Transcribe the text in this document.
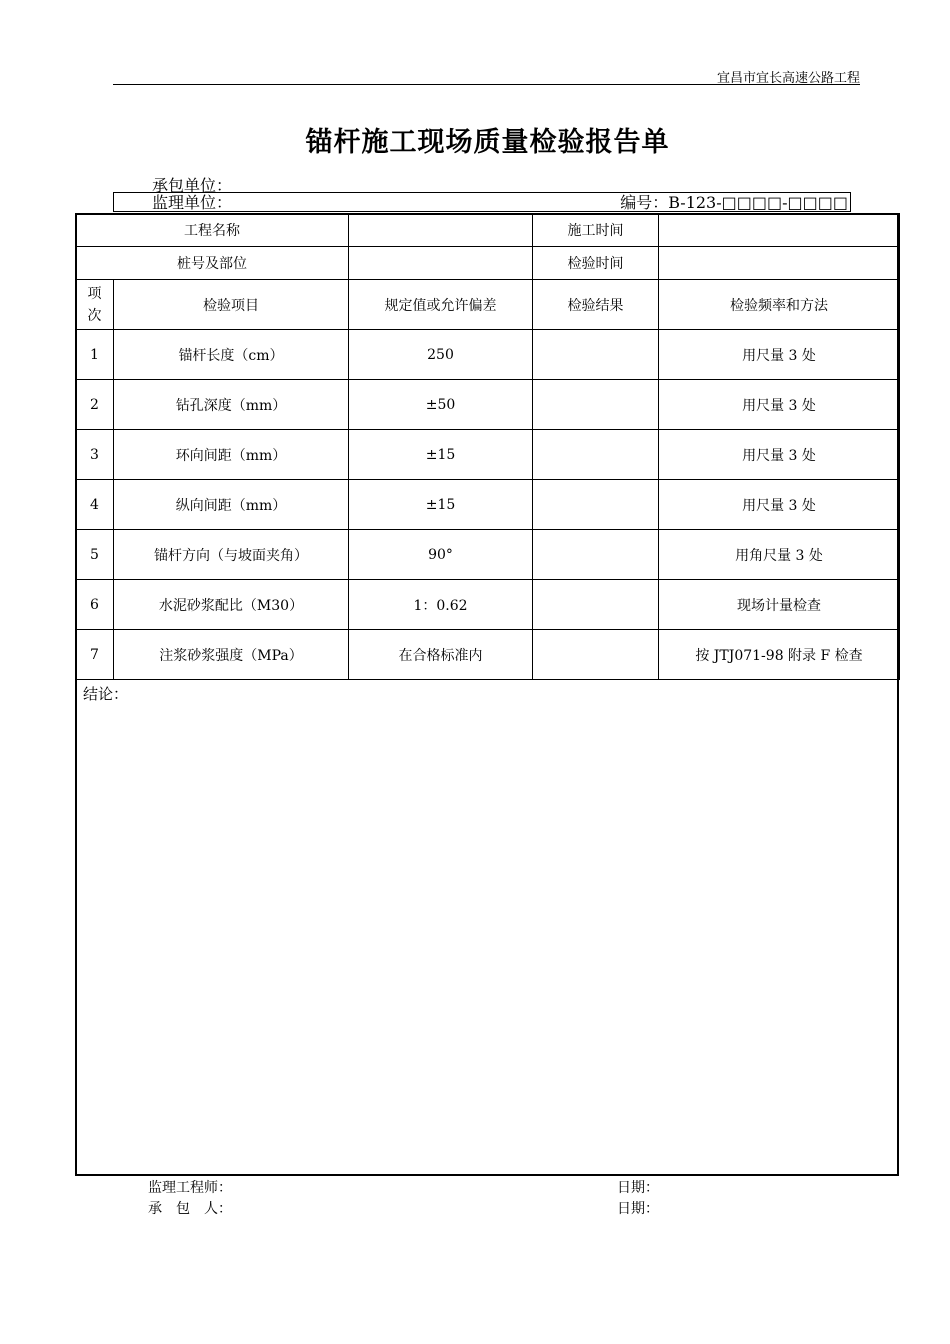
宜昌市宜长高速公路工程
锚杆施工现场质量检验报告单
承包单位：
监理单位：	编号：B-123-□□□□-□□□□
工程名称			施工时间	
桩号及部位			检验时间	

项
次	检验项目	规定值或允许偏差	检验结果	检验频率和方法
1	锚杆长度（cm）	250		用尺量 3 处
2	钻孔深度（mm）	±50		用尺量 3 处
3	环向间距（mm）	±15		用尺量 3 处
4	纵向间距（mm）	±15		用尺量 3 处
5	锚杆方向（与坡面夹角）	90°		用角尺量 3 处
6	水泥砂浆配比（M30）	1：0.62		现场计量检查
7	注浆砂浆强度（MPa）	在合格标准内		按 JTJ071-98 附录 F 检查
结论：
监理工程师：	日期：
承　包　人：	日期：
